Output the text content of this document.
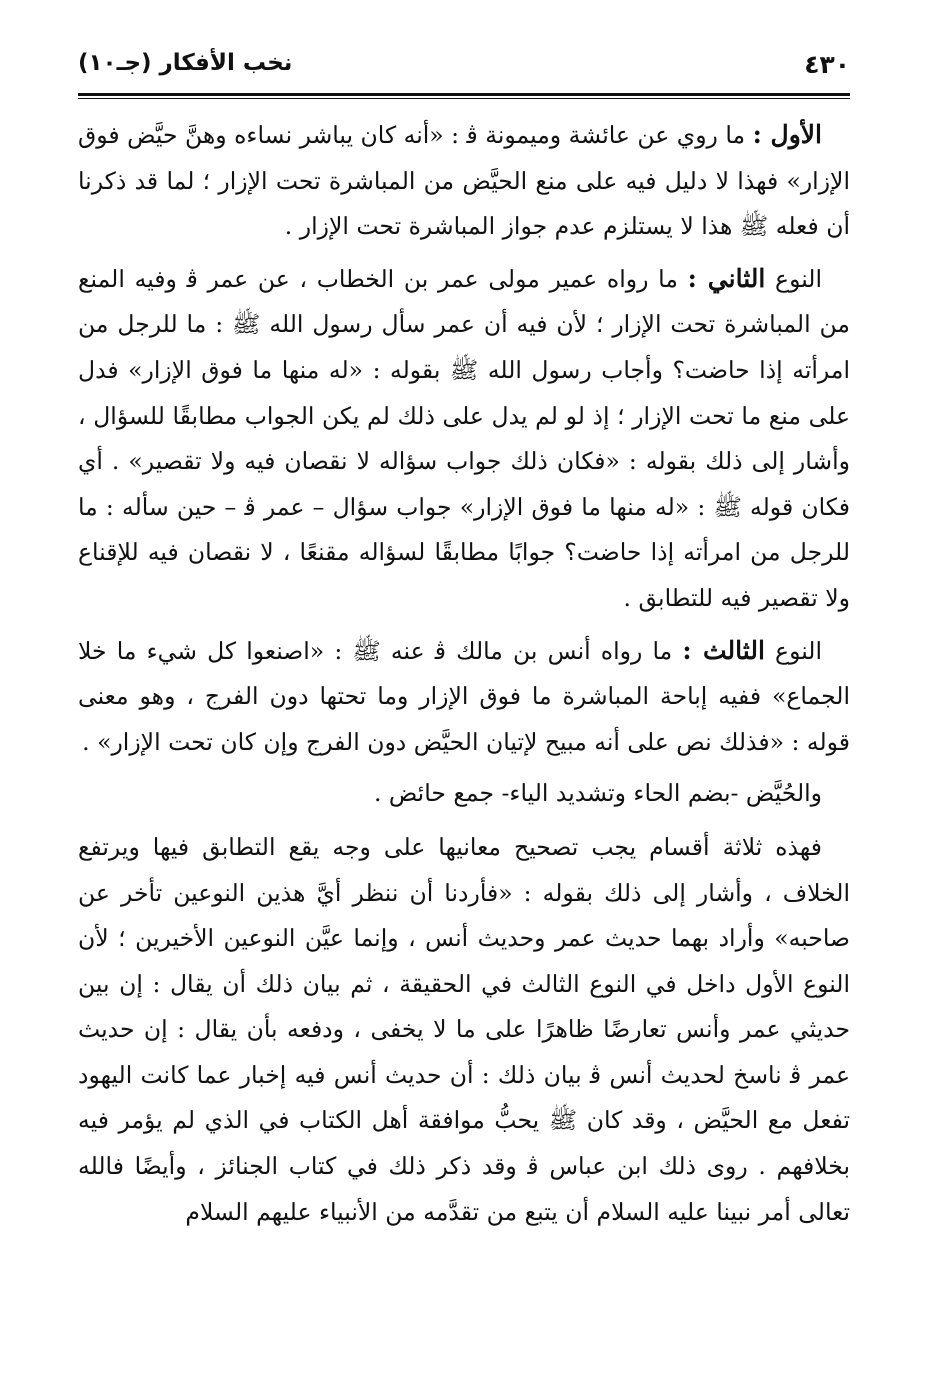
٤٣٠
نخب الأفكار (جـ١٠)

الأول : ما روي عن عائشة وميمونة ﭬ : «أنه كان يباشر نساءه وهنَّ حيَّض فوق الإزار» فهذا لا دليل فيه على منع الحيَّض من المباشرة تحت الإزار ؛ لما قد ذكرنا أن فعله ﷺ هذا لا يستلزم عدم جواز المباشرة تحت الإزار .

النوع الثاني : ما رواه عمير مولى عمر بن الخطاب ، عن عمر ﭬ وفيه المنع من المباشرة تحت الإزار ؛ لأن فيه أن عمر سأل رسول الله ﷺ : ما للرجل من امرأته إذا حاضت؟ وأجاب رسول الله ﷺ بقوله : «له منها ما فوق الإزار» فدل على منع ما تحت الإزار ؛ إذ لو لم يدل على ذلك لم يكن الجواب مطابقًا للسؤال ، وأشار إلى ذلك بقوله : «فكان ذلك جواب سؤاله لا نقصان فيه ولا تقصير» . أي فكان قوله ﷺ : «له منها ما فوق الإزار» جواب سؤال – عمر ﭬ – حين سأله : ما للرجل من امرأته إذا حاضت؟ جوابًا مطابقًا لسؤاله مقنعًا ، لا نقصان فيه للإقناع ولا تقصير فيه للتطابق .

النوع الثالث : ما رواه أنس بن مالك ﭬ عنه ﷺ : «اصنعوا كل شيء ما خلا الجماع» ففيه إباحة المباشرة ما فوق الإزار وما تحتها دون الفرج ، وهو معنى قوله : «فذلك نص على أنه مبيح لإتيان الحيَّض دون الفرج وإن كان تحت الإزار» .

والحُيَّض -بضم الحاء وتشديد الياء- جمع حائض .

فهذه ثلاثة أقسام يجب تصحيح معانيها على وجه يقع التطابق فيها ويرتفع الخلاف ، وأشار إلى ذلك بقوله : «فأردنا أن ننظر أيَّ هذين النوعين تأخر عن صاحبه» وأراد بهما حديث عمر وحديث أنس ، وإنما عيَّن النوعين الأخيرين ؛ لأن النوع الأول داخل في النوع الثالث في الحقيقة ، ثم بيان ذلك أن يقال : إن بين حديثي عمر وأنس تعارضًا ظاهرًا على ما لا يخفى ، ودفعه بأن يقال : إن حديث عمر ﭬ ناسخ لحديث أنس ﭬ بيان ذلك : أن حديث أنس فيه إخبار عما كانت اليهود تفعل مع الحيَّض ، وقد كان ﷺ يحبُّ موافقة أهل الكتاب في الذي لم يؤمر فيه بخلافهم . روى ذلك ابن عباس ﭬ وقد ذكر ذلك في كتاب الجنائز ، وأيضًا فالله تعالى أمر نبينا عليه السلام أن يتبع من تقدَّمه من الأنبياء عليهم السلام
